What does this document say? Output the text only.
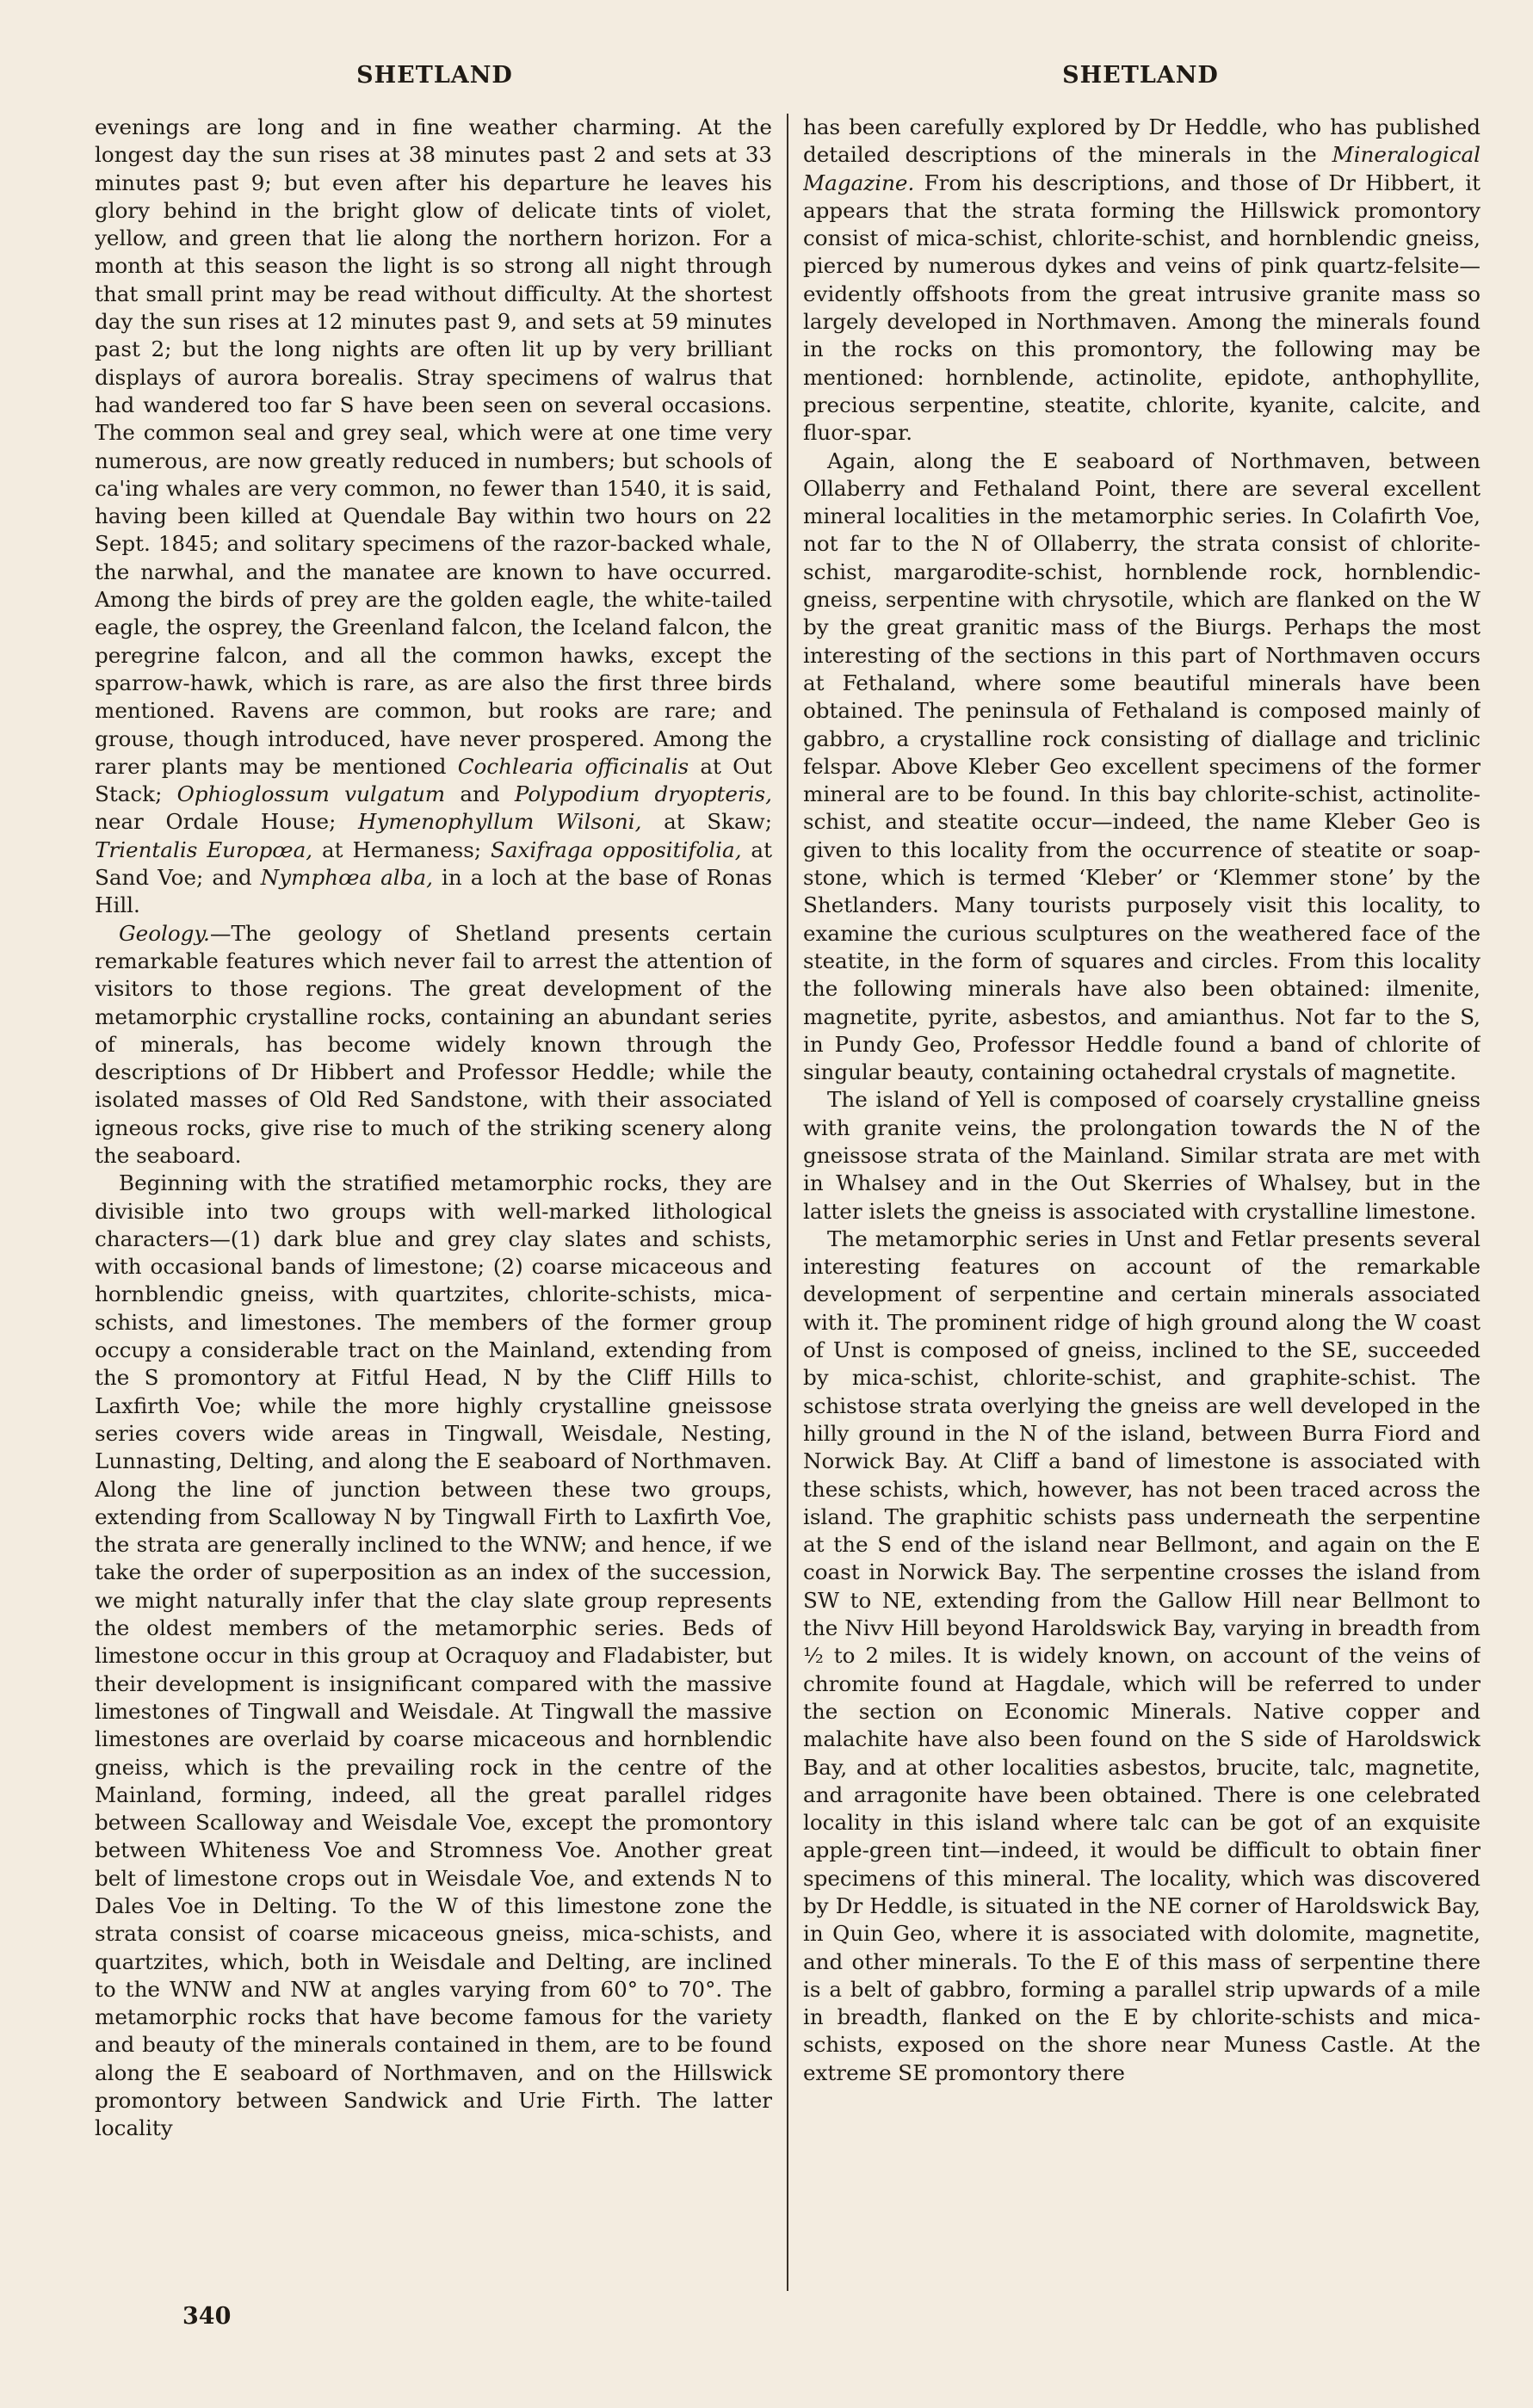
SHETLAND	SHETLAND

evenings are long and in fine weather charming. At the longest day the sun rises at 38 minutes past 2 and sets at 33 minutes past 9; but even after his departure he leaves his glory behind in the bright glow of delicate tints of violet, yellow, and green that lie along the northern horizon. For a month at this season the light is so strong all night through that small print may be read without difficulty. At the shortest day the sun rises at 12 minutes past 9, and sets at 59 minutes past 2; but the long nights are often lit up by very brilliant displays of aurora borealis. Stray specimens of walrus that had wandered too far S have been seen on several occasions. The common seal and grey seal, which were at one time very numerous, are now greatly reduced in numbers; but schools of ca'ing whales are very common, no fewer than 1540, it is said, having been killed at Quendale Bay within two hours on 22 Sept. 1845; and solitary specimens of the razor-backed whale, the narwhal, and the manatee are known to have occurred. Among the birds of prey are the golden eagle, the white-tailed eagle, the osprey, the Greenland falcon, the Iceland falcon, the peregrine falcon, and all the common hawks, except the sparrow-hawk, which is rare, as are also the first three birds mentioned. Ravens are common, but rooks are rare; and grouse, though introduced, have never prospered. Among the rarer plants may be mentioned Cochlearia officinalis at Out Stack; Ophioglossum vulgatum and Polypodium dryopteris, near Ordale House; Hymenophyllum Wilsoni, at Skaw; Trientalis Europœa, at Hermaness; Saxifraga oppositifolia, at Sand Voe; and Nymphœa alba, in a loch at the base of Ronas Hill.

Geology.—The geology of Shetland presents certain remarkable features which never fail to arrest the attention of visitors to those regions. The great development of the metamorphic crystalline rocks, containing an abundant series of minerals, has become widely known through the descriptions of Dr Hibbert and Professor Heddle; while the isolated masses of Old Red Sandstone, with their associated igneous rocks, give rise to much of the striking scenery along the seaboard.

Beginning with the stratified metamorphic rocks, they are divisible into two groups with well-marked lithological characters—(1) dark blue and grey clay slates and schists, with occasional bands of limestone; (2) coarse micaceous and hornblendic gneiss, with quartzites, chlorite-schists, mica-schists, and limestones. The members of the former group occupy a considerable tract on the Mainland, extending from the S promontory at Fitful Head, N by the Cliff Hills to Laxfirth Voe; while the more highly crystalline gneissose series covers wide areas in Tingwall, Weisdale, Nesting, Lunnasting, Delting, and along the E seaboard of Northmaven. Along the line of junction between these two groups, extending from Scalloway N by Tingwall Firth to Laxfirth Voe, the strata are generally inclined to the WNW; and hence, if we take the order of superposition as an index of the succession, we might naturally infer that the clay slate group represents the oldest members of the metamorphic series. Beds of limestone occur in this group at Ocraquoy and Fladabister, but their development is insignificant compared with the massive limestones of Tingwall and Weisdale. At Tingwall the massive limestones are overlaid by coarse micaceous and hornblendic gneiss, which is the prevailing rock in the centre of the Mainland, forming, indeed, all the great parallel ridges between Scalloway and Weisdale Voe, except the promontory between Whiteness Voe and Stromness Voe. Another great belt of limestone crops out in Weisdale Voe, and extends N to Dales Voe in Delting. To the W of this limestone zone the strata consist of coarse micaceous gneiss, mica-schists, and quartzites, which, both in Weisdale and Delting, are inclined to the WNW and NW at angles varying from 60° to 70°. The metamorphic rocks that have become famous for the variety and beauty of the minerals contained in them, are to be found along the E seaboard of Northmaven, and on the Hillswick promontory between Sandwick and Urie Firth. The latter locality

has been carefully explored by Dr Heddle, who has published detailed descriptions of the minerals in the Mineralogical Magazine. From his descriptions, and those of Dr Hibbert, it appears that the strata forming the Hillswick promontory consist of mica-schist, chlorite-schist, and hornblendic gneiss, pierced by numerous dykes and veins of pink quartz-felsite—evidently offshoots from the great intrusive granite mass so largely developed in Northmaven. Among the minerals found in the rocks on this promontory, the following may be mentioned: hornblende, actinolite, epidote, anthophyllite, precious serpentine, steatite, chlorite, kyanite, calcite, and fluor-spar.

Again, along the E seaboard of Northmaven, between Ollaberry and Fethaland Point, there are several excellent mineral localities in the metamorphic series. In Colafirth Voe, not far to the N of Ollaberry, the strata consist of chlorite-schist, margarodite-schist, hornblende rock, hornblendic-gneiss, serpentine with chrysotile, which are flanked on the W by the great granitic mass of the Biurgs. Perhaps the most interesting of the sections in this part of Northmaven occurs at Fethaland, where some beautiful minerals have been obtained. The peninsula of Fethaland is composed mainly of gabbro, a crystalline rock consisting of diallage and triclinic felspar. Above Kleber Geo excellent specimens of the former mineral are to be found. In this bay chlorite-schist, actinolite-schist, and steatite occur—indeed, the name Kleber Geo is given to this locality from the occurrence of steatite or soap-stone, which is termed ‘Kleber’ or ‘Klemmer stone’ by the Shetlanders. Many tourists purposely visit this locality, to examine the curious sculptures on the weathered face of the steatite, in the form of squares and circles. From this locality the following minerals have also been obtained: ilmenite, magnetite, pyrite, asbestos, and amianthus. Not far to the S, in Pundy Geo, Professor Heddle found a band of chlorite of singular beauty, containing octahedral crystals of magnetite.

The island of Yell is composed of coarsely crystalline gneiss with granite veins, the prolongation towards the N of the gneissose strata of the Mainland. Similar strata are met with in Whalsey and in the Out Skerries of Whalsey, but in the latter islets the gneiss is associated with crystalline limestone.

The metamorphic series in Unst and Fetlar presents several interesting features on account of the remarkable development of serpentine and certain minerals associated with it. The prominent ridge of high ground along the W coast of Unst is composed of gneiss, inclined to the SE, succeeded by mica-schist, chlorite-schist, and graphite-schist. The schistose strata overlying the gneiss are well developed in the hilly ground in the N of the island, between Burra Fiord and Norwick Bay. At Cliff a band of limestone is associated with these schists, which, however, has not been traced across the island. The graphitic schists pass underneath the serpentine at the S end of the island near Bellmont, and again on the E coast in Norwick Bay. The serpentine crosses the island from SW to NE, extending from the Gallow Hill near Bellmont to the Nivv Hill beyond Haroldswick Bay, varying in breadth from ½ to 2 miles. It is widely known, on account of the veins of chromite found at Hagdale, which will be referred to under the section on Economic Minerals. Native copper and malachite have also been found on the S side of Haroldswick Bay, and at other localities asbestos, brucite, talc, magnetite, and arragonite have been obtained. There is one celebrated locality in this island where talc can be got of an exquisite apple-green tint—indeed, it would be difficult to obtain finer specimens of this mineral. The locality, which was discovered by Dr Heddle, is situated in the NE corner of Haroldswick Bay, in Quin Geo, where it is associated with dolomite, magnetite, and other minerals. To the E of this mass of serpentine there is a belt of gabbro, forming a parallel strip upwards of a mile in breadth, flanked on the E by chlorite-schists and mica-schists, exposed on the shore near Muness Castle. At the extreme SE promontory there

340
